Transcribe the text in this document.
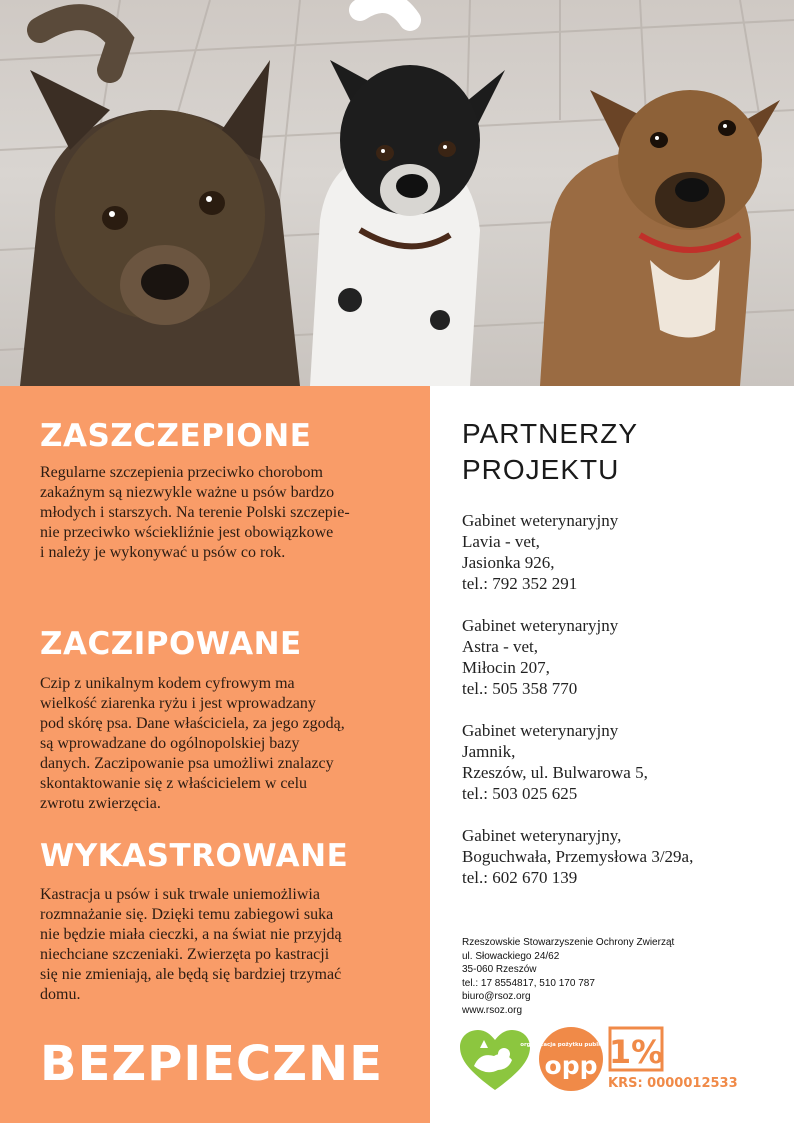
ZASZCZEPIONE
Regularne szczepienia przeciwko chorobom
zakaźnym są niezwykle ważne u psów bardzo
młodych i starszych. Na terenie Polski szczepie-
nie przeciwko wściekliźnie jest obowiązkowe
i należy je wykonywać u psów co rok.
ZACZIPOWANE
Czip z unikalnym kodem cyfrowym ma
wielkość ziarenka ryżu i jest wprowadzany
pod skórę psa. Dane właściciela, za jego zgodą,
są wprowadzane do ogólnopolskiej bazy
danych. Zaczipowanie psa umożliwi znalazcy
skontaktowanie się z właścicielem w celu
zwrotu zwierzęcia.
WYKASTROWANE
Kastracja u psów i suk trwale uniemożliwia
rozmnażanie się. Dzięki temu zabiegowi suka
nie będzie miała cieczki, a na świat nie przyjdą
niechciane szczeniaki. Zwierzęta po kastracji
się nie zmieniają, ale będą się bardziej trzymać
domu.
BEZPIECZNE
PARTNERZY
PROJEKTU
Gabinet weterynaryjny
Lavia - vet,
Jasionka 926,
tel.: 792 352 291
Gabinet weterynaryjny
Astra - vet,
Miłocin 207,
tel.: 505 358 770
Gabinet weterynaryjny
Jamnik,
Rzeszów, ul. Bulwarowa 5,
tel.: 503 025 625
Gabinet weterynaryjny,
Boguchwała, Przemysłowa 3/29a,
tel.: 602 670 139
Rzeszowskie Stowarzyszenie Ochrony Zwierząt
ul. Słowackiego 24/62
35-060 Rzeszów
tel.: 17 8554817, 510 170 787
biuro@rsoz.org
www.rsoz.org
organizacja pożytku publicznego
opp 1%
KRS: 0000012533
